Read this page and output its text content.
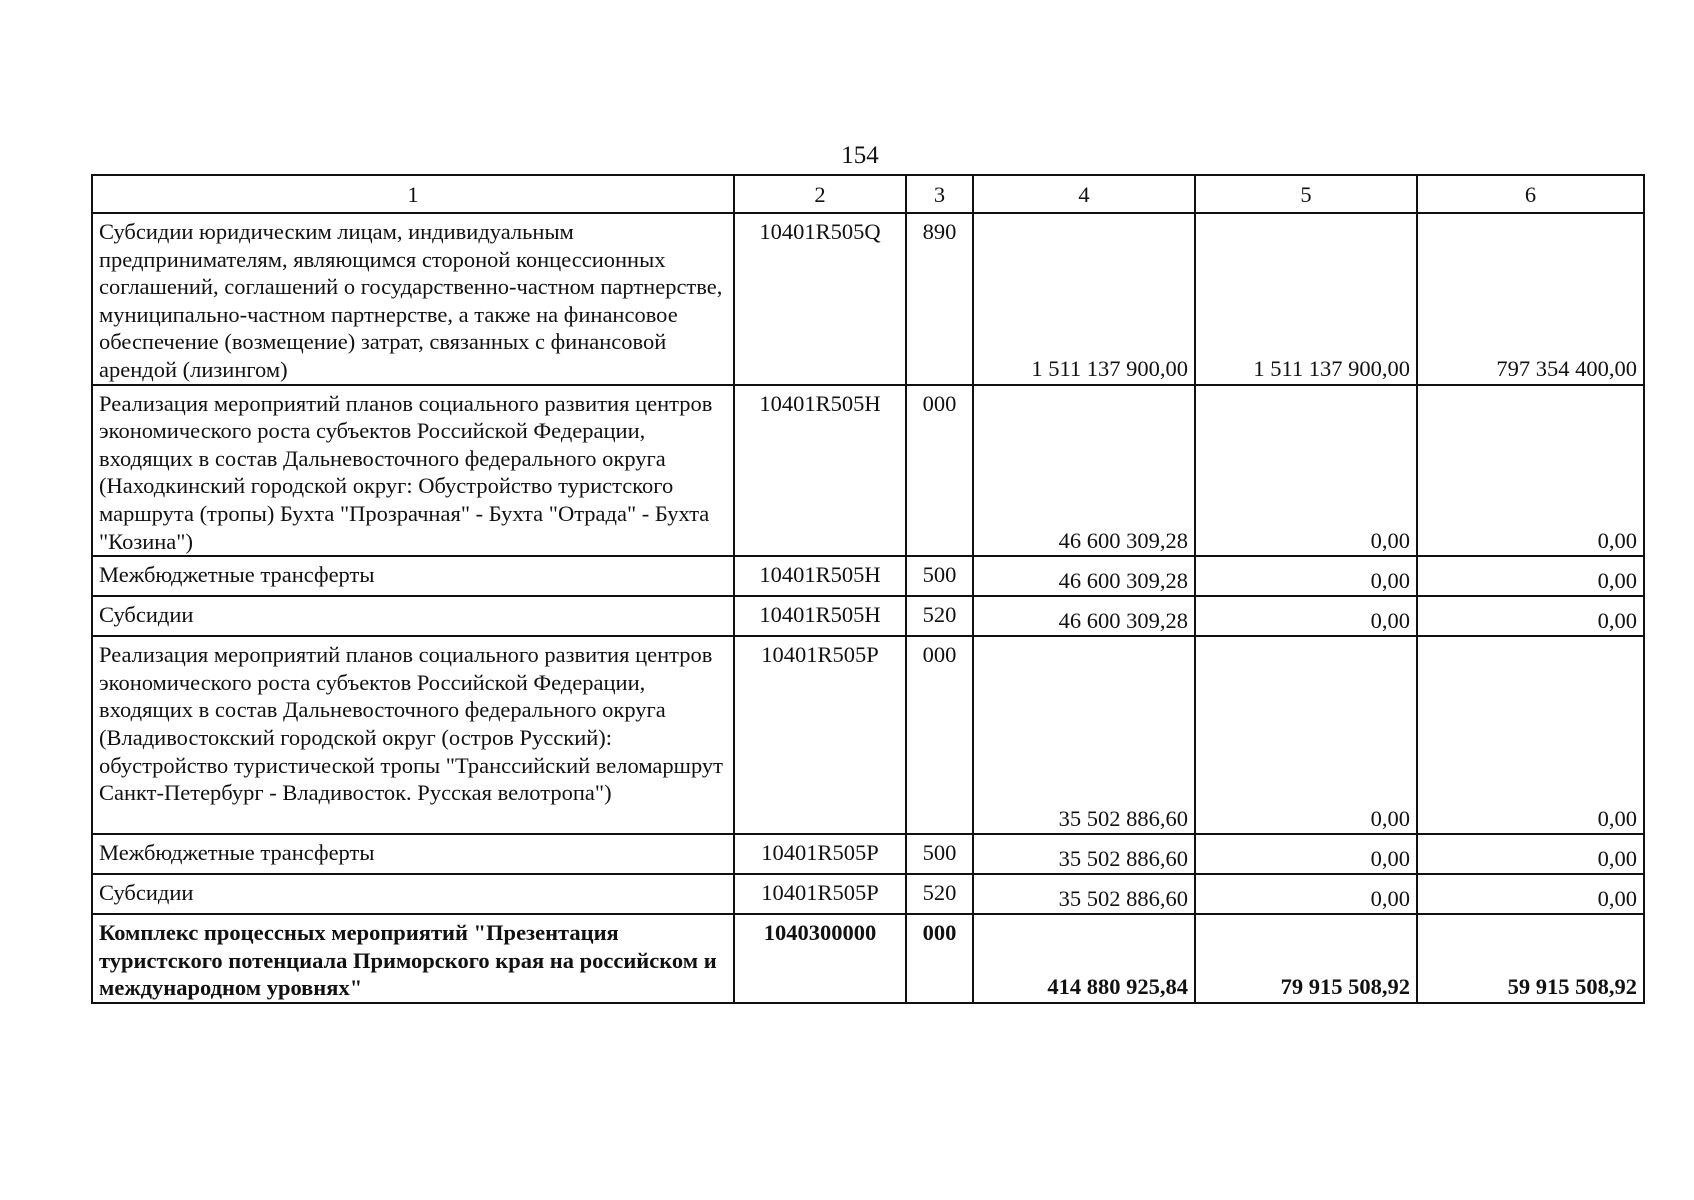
154
1	2	3	4	5	6
Субсидии юридическим лицам, индивидуальным предпринимателям, являющимся стороной концессионных соглашений, соглашений о государственно-частном партнерстве, муниципально-частном партнерстве, а также на финансовое обеспечение (возмещение) затрат, связанных с финансовой арендой (лизингом)	10401R505Q	890	1 511 137 900,00	1 511 137 900,00	797 354 400,00
Реализация мероприятий планов социального развития центров экономического роста субъектов Российской Федерации, входящих в состав Дальневосточного федерального округа (Находкинский городской округ: Обустройство туристского маршрута (тропы) Бухта "Прозрачная" - Бухта "Отрада" - Бухта "Козина")	10401R505H	000	46 600 309,28	0,00	0,00
Межбюджетные трансферты	10401R505H	500	46 600 309,28	0,00	0,00
Субсидии	10401R505H	520	46 600 309,28	0,00	0,00
Реализация мероприятий планов социального развития центров экономического роста субъектов Российской Федерации, входящих в состав Дальневосточного федерального округа (Владивостокский городской округ (остров Русский): обустройство туристической тропы "Транссийский веломаршрут Санкт-Петербург - Владивосток. Русская велотропа")	10401R505P	000	35 502 886,60	0,00	0,00
Межбюджетные трансферты	10401R505P	500	35 502 886,60	0,00	0,00
Субсидии	10401R505P	520	35 502 886,60	0,00	0,00
Комплекс процессных мероприятий "Презентация туристского потенциала Приморского края на российском и международном уровнях"	1040300000	000	414 880 925,84	79 915 508,92	59 915 508,92
